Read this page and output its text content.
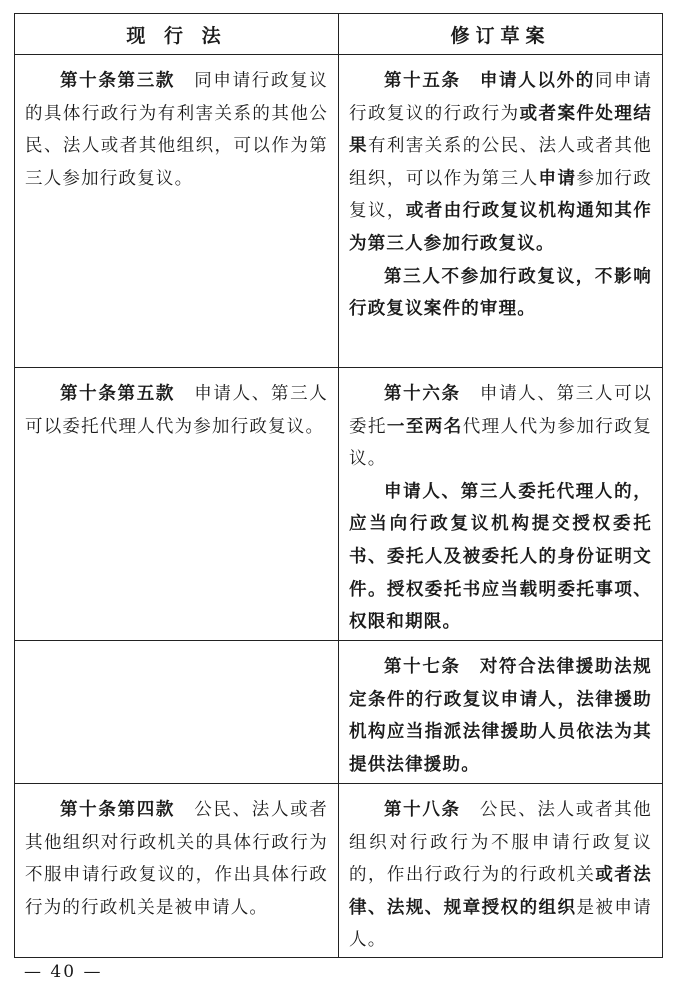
现 行 法	修订草案

第十条第三款　同申请行政复议的具体行政行为有利害关系的其他公民、法人或者其他组织，可以作为第三人参加行政复议。	第十五条　申请人以外的同申请行政复议的行政行为或者案件处理结果有利害关系的公民、法人或者其他组织，可以作为第三人申请参加行政复议，或者由行政复议机构通知其作为第三人参加行政复议。

第三人不参加行政复议，不影响行政复议案件的审理。

第十条第五款　申请人、第三人可以委托代理人代为参加行政复议。	第十六条　申请人、第三人可以委托一至两名代理人代为参加行政复议。

申请人、第三人委托代理人的，应当向行政复议机构提交授权委托书、委托人及被委托人的身份证明文件。授权委托书应当载明委托事项、权限和期限。

	第十七条　对符合法律援助法规定条件的行政复议申请人，法律援助机构应当指派法律援助人员依法为其提供法律援助。

第十条第四款　公民、法人或者其他组织对行政机关的具体行政行为不服申请行政复议的，作出具体行政行为的行政机关是被申请人。	第十八条　公民、法人或者其他组织对行政行为不服申请行政复议的，作出行政行为的行政机关或者法律、法规、规章授权的组织是被申请人。

— 40 —
